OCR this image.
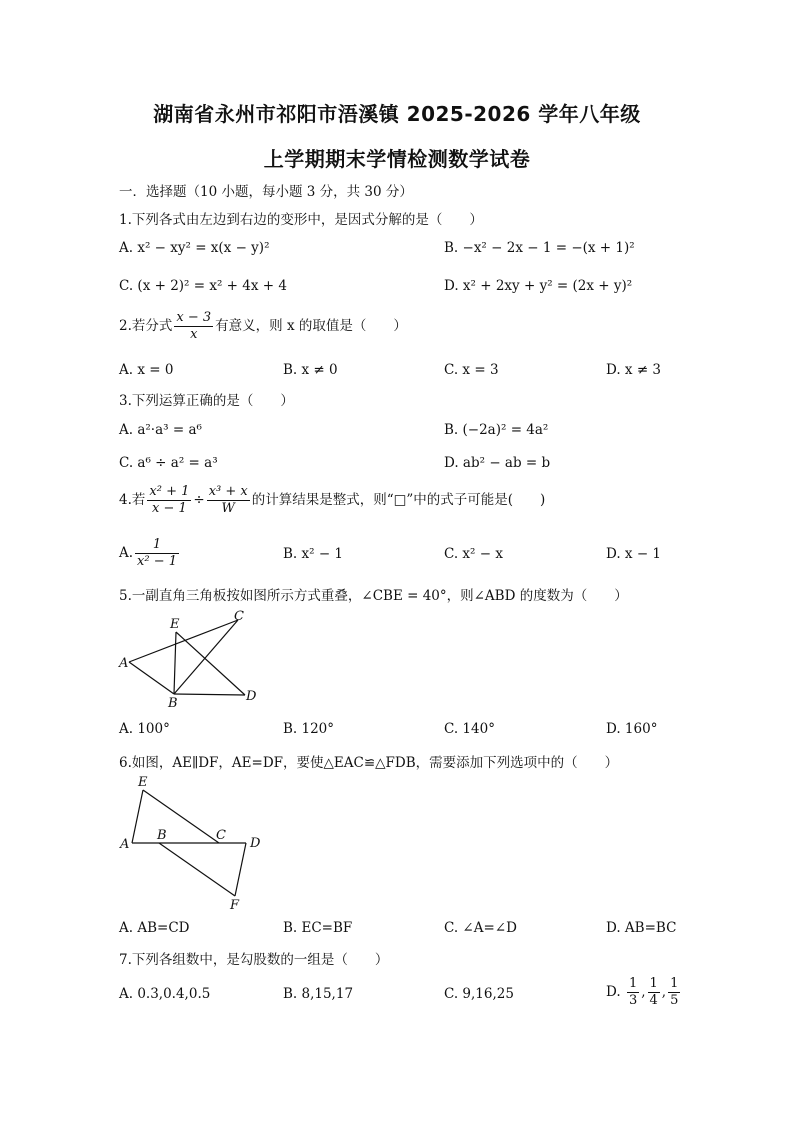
湖南省永州市祁阳市浯溪镇 2025-2026 学年八年级
上学期期末学情检测数学试卷
一．选择题（10 小题，每小题 3 分，共 30 分）
1.下列各式由左边到右边的变形中，是因式分解的是（　　）
A. x² − xy² = x(x − y)²	B. −x² − 2x − 1 = −(x + 1)²
C. (x + 2)² = x² + 4x + 4	D. x² + 2xy + y² = (2x + y)²
2.若分式 $\frac{x - 3}{x}$ 有意义，则 x 的取值是（　　）
A. x = 0	B. x ≠ 0	C. x = 3	D. x ≠ 3
3.下列运算正确的是（　　）
A. a²·a³ = a⁶	B. (−2a)² = 4a²
C. a⁶ ÷ a² = a³	D. ab² − ab = b
4.若 $\frac{\text{x² + 1}}{x - 1} \div \frac{\text{x³ + x}}{W}$ 的计算结果是整式，则“□”中的式子可能是(　　)
A. $\frac{1}{\text{x² − 1}}$	B. x² − 1	C. x² − x	D. x − 1
5.一副直角三角板按如图所示方式重叠，∠CBE = 40°，则∠ABD 的度数为（　　）
E
C
A
B	D
A. 100°	B. 120°	C. 140°	D. 160°
6.如图，AE∥DF，AE=DF，要使△EAC≌△FDB，需要添加下列选项中的（　　）
E
A
B	C
D
F
A. AB=CD	B. EC=BF	C. ∠A=∠D	D. AB=BC
7.下列各组数中，是勾股数的一组是（　　）
A. 0.3,0.4,0.5	B. 8,15,17	C. 9,16,25	D. $\frac{1}{3}$ , $\frac{1}{4}$ , $\frac{1}{5}$
